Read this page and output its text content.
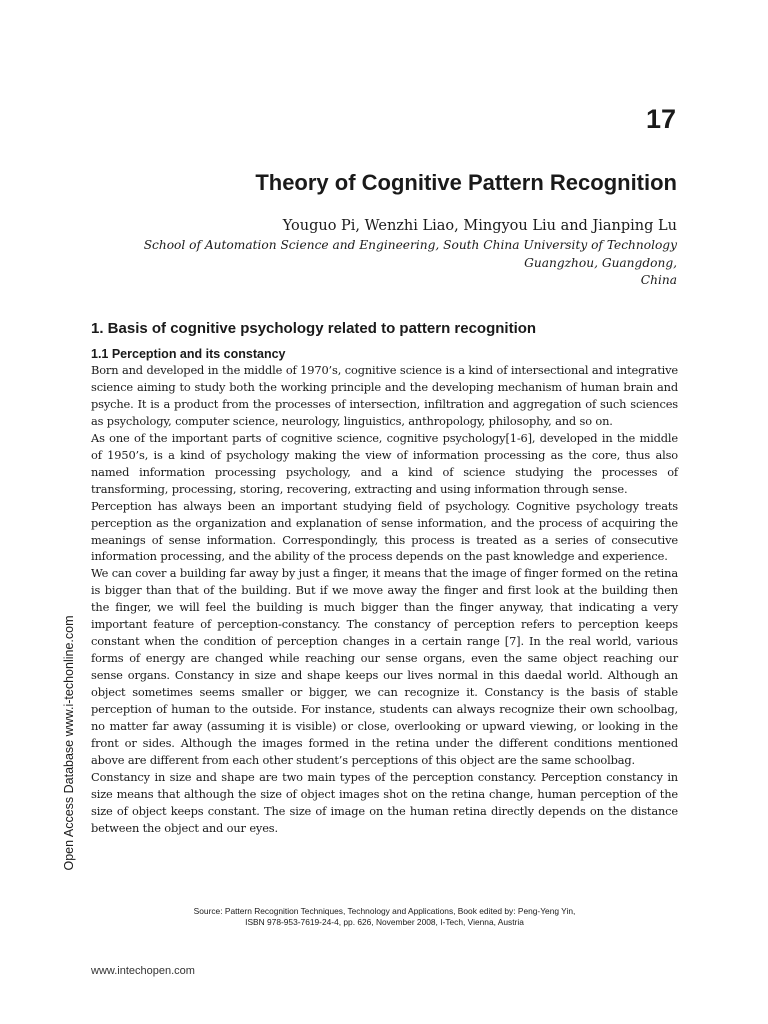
17
Theory of Cognitive Pattern Recognition
Youguo Pi, Wenzhi Liao, Mingyou Liu and Jianping Lu
School of Automation Science and Engineering, South China University of Technology
Guangzhou, Guangdong,
China
Open Access Database www.i-techonline.com
1. Basis of cognitive psychology related to pattern recognition
1.1 Perception and its constancy

Born and developed in the middle of 1970’s, cognitive science is a kind of intersectional and integrative science aiming to study both the working principle and the developing mechanism of human brain and psyche. It is a product from the processes of intersection, infiltration and aggregation of such sciences as psychology, computer science, neurology, linguistics, anthropology, philosophy, and so on.

As one of the important parts of cognitive science, cognitive psychology[1-6], developed in the middle of 1950’s, is a kind of psychology making the view of information processing as the core, thus also named information processing psychology, and a kind of science studying the processes of transforming, processing, storing, recovering, extracting and using information through sense.

Perception has always been an important studying field of psychology. Cognitive psychology treats perception as the organization and explanation of sense information, and the process of acquiring the meanings of sense information. Correspondingly, this process is treated as a series of consecutive information processing, and the ability of the process depends on the past knowledge and experience.

We can cover a building far away by just a finger, it means that the image of finger formed on the retina is bigger than that of the building. But if we move away the finger and first look at the building then the finger, we will feel the building is much bigger than the finger anyway, that indicating a very important feature of perception-constancy. The constancy of perception refers to perception keeps constant when the condition of perception changes in a certain range [7]. In the real world, various forms of energy are changed while reaching our sense organs, even the same object reaching our sense organs. Constancy in size and shape keeps our lives normal in this daedal world. Although an object sometimes seems smaller or bigger, we can recognize it. Constancy is the basis of stable perception of human to the outside. For instance, students can always recognize their own schoolbag, no matter far away (assuming it is visible) or close, overlooking or upward viewing, or looking in the front or sides. Although the images formed in the retina under the different conditions mentioned above are different from each other student’s perceptions of this object are the same schoolbag.

Constancy in size and shape are two main types of the perception constancy. Perception constancy in size means that although the size of object images shot on the retina change, human perception of the size of object keeps constant. The size of image on the human retina directly depends on the distance between the object and our eyes.

Source: Pattern Recognition Techniques, Technology and Applications, Book edited by: Peng-Yeng Yin,
ISBN 978-953-7619-24-4, pp. 626, November 2008, I-Tech, Vienna, Austria
www.intechopen.com
